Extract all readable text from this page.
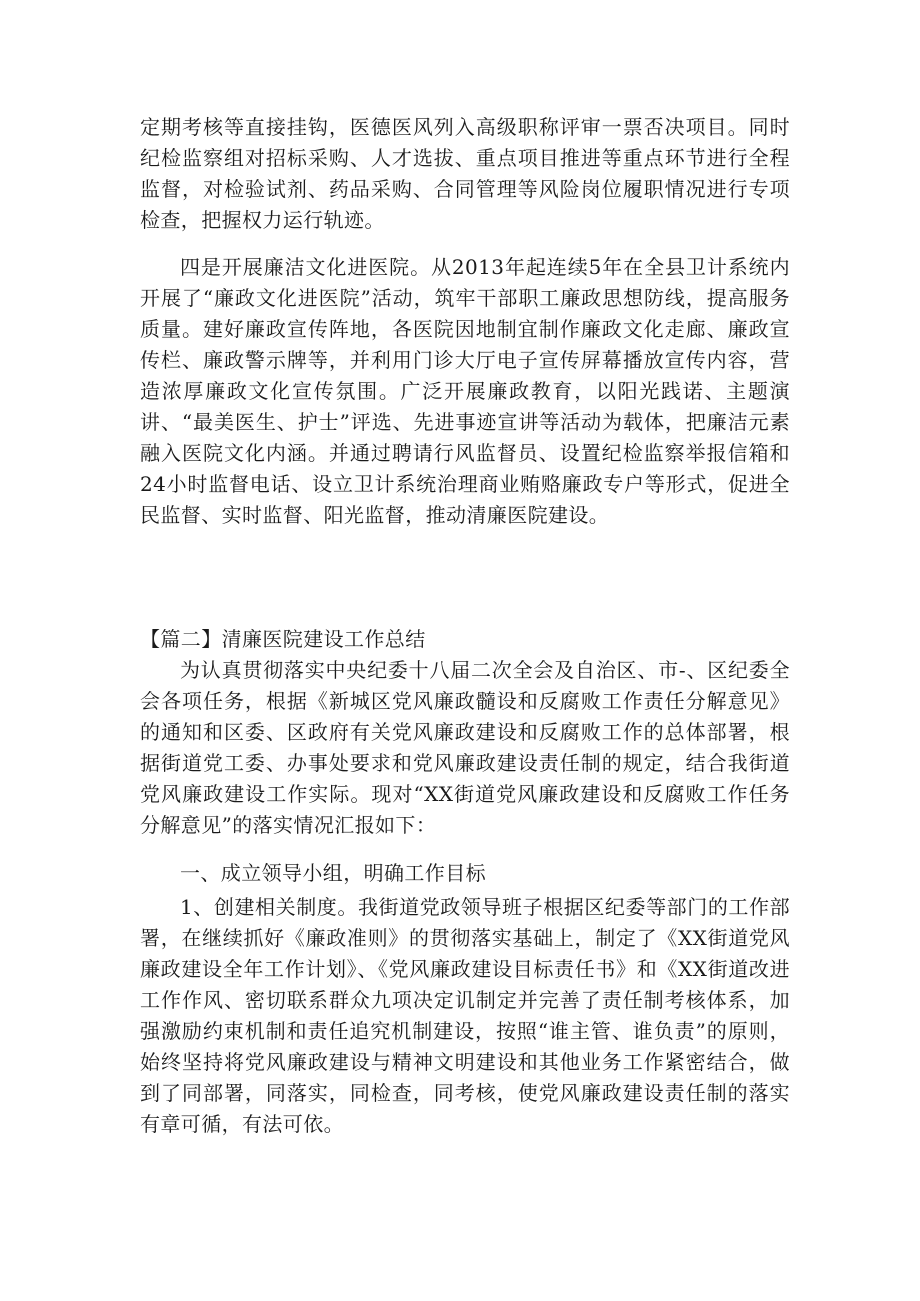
定期考核等直接挂钩，医德医风列入高级职称评审一票否决项目。同时纪检监察组对招标采购、人才选拔、重点项目推进等重点环节进行全程监督，对检验试剂、药品采购、合同管理等风险岗位履职情况进行专项检查，把握权力运行轨迹。

四是开展廉洁文化进医院。从2013年起连续5年在全县卫计系统内开展了“廉政文化进医院”活动，筑牢干部职工廉政思想防线，提高服务质量。建好廉政宣传阵地，各医院因地制宜制作廉政文化走廊、廉政宣传栏、廉政警示牌等，并利用门诊大厅电子宣传屏幕播放宣传内容，营造浓厚廉政文化宣传氛围。广泛开展廉政教育，以阳光践诺、主题演讲、“最美医生、护士”评选、先进事迹宣讲等活动为载体，把廉洁元素融入医院文化内涵。并通过聘请行风监督员、设置纪检监察举报信箱和24小时监督电话、设立卫计系统治理商业贿赂廉政专户等形式，促进全民监督、实时监督、阳光监督，推动清廉医院建设。

【篇二】清廉医院建设工作总结

为认真贯彻落实中央纪委十八届二次全会及自治区、市-、区纪委全会各项任务，根据《新城区党风廉政髓设和反腐败工作责任分解意见》的通知和区委、区政府有关党风廉政建设和反腐败工作的总体部署，根据街道党工委、办事处要求和党风廉政建设责任制的规定，结合我街道党风廉政建设工作实际。现对“XX街道党风廉政建设和反腐败工作任务分解意见”的落实情况汇报如下：

一、成立领导小组，明确工作目标

1、创建相关制度。我街道党政领导班子根据区纪委等部门的工作部署，在继续抓好《廉政准则》的贯彻落实基础上，制定了《XX街道党风廉政建设全年工作计划》、《党风廉政建设目标责任书》和《XX街道改进工作作风、密切联系群众九项决定讥制定并完善了责任制考核体系，加强激励约束机制和责任追究机制建设，按照“谁主管、谁负责”的原则，始终坚持将党风廉政建设与精神文明建设和其他业务工作紧密结合，做到了同部署，同落实，同检查，同考核，使党风廉政建设责任制的落实有章可循，有法可依。
